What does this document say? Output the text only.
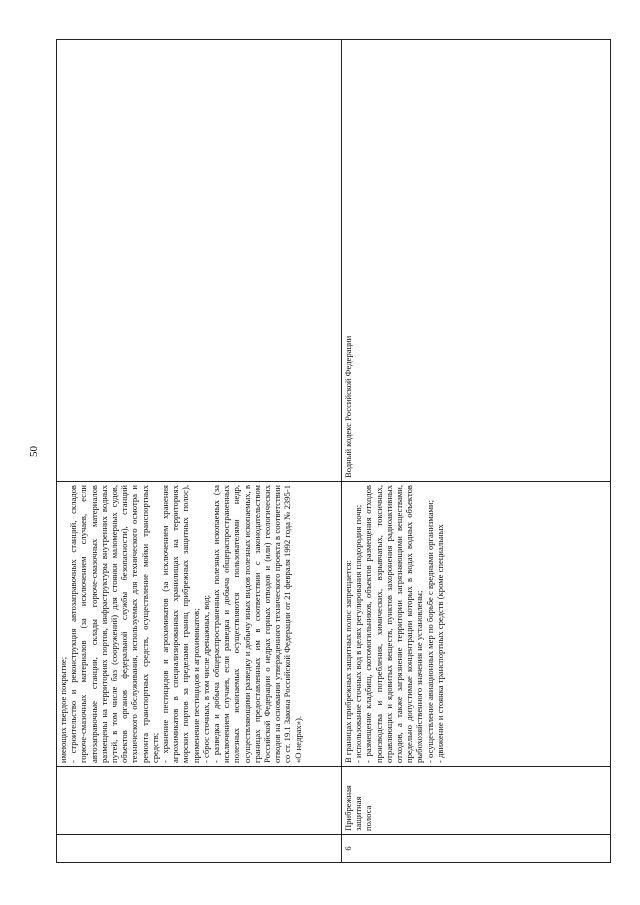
50

		имеющих твердое покрытие; - строительство и реконструкция автозаправочных станций, складов горюче-смазочных материалов (за исключением случаев, если автозаправочные станции, склады горюче-смазочных материалов размещены на территориях портов, инфраструктуры внутренних водных путей, в том числе баз (сооружений) для стоянки маломерных судов, объектов органов федеральной службы безопасности), станций технического обслуживания, используемых для технического осмотра и ремонта транспортных средств, осуществление мойки транспортных средств; - хранение пестицидов и агрохимикатов (за исключением хранения агрохимикатов в специализированных хранилищах на территориях морских портов за пределами границ прибрежных защитных полос), применение пестицидов и агрохимикатов; - сброс сточных, в том числе дренажных, вод; - разведка и добыча общераспространенных полезных ископаемых (за исключением случаев, если разведка и добыча общераспространенных полезных ископаемых осуществляются пользователями недр, осуществляющими разведку и добычу иных видов полезных ископаемых, в границах предоставленных им в соответствии с законодательством Российской Федерации о недрах горных отводов и (или) геологических отводов на основании утвержденного технического проекта в соответствии со ст. 19.1 Закона Российской Федерации от 21 февраля 1992 года № 2395-1 «О недрах»).	

6	Прибрежная защитная полоса	В границах прибрежных защитных полос запрещается: - использование сточных вод в целях регулирования плодородия почв; - размещение кладбищ, скотомогильников, объектов размещения отходов производства и потребления, химических, взрывчатых, токсичных, отравляющих и ядовитых веществ, пунктов захоронения радиоактивных отходов, а также загрязнение территории загрязняющими веществами, предельно допустимые концентрации которых в водах водных объектов рыбохозяйственного значения не установлены; - осуществление авиационных мер по борьбе с вредными организмами; - движение и стоянка транспортных средств (кроме специальных	Водный кодекс Российской Федерации
